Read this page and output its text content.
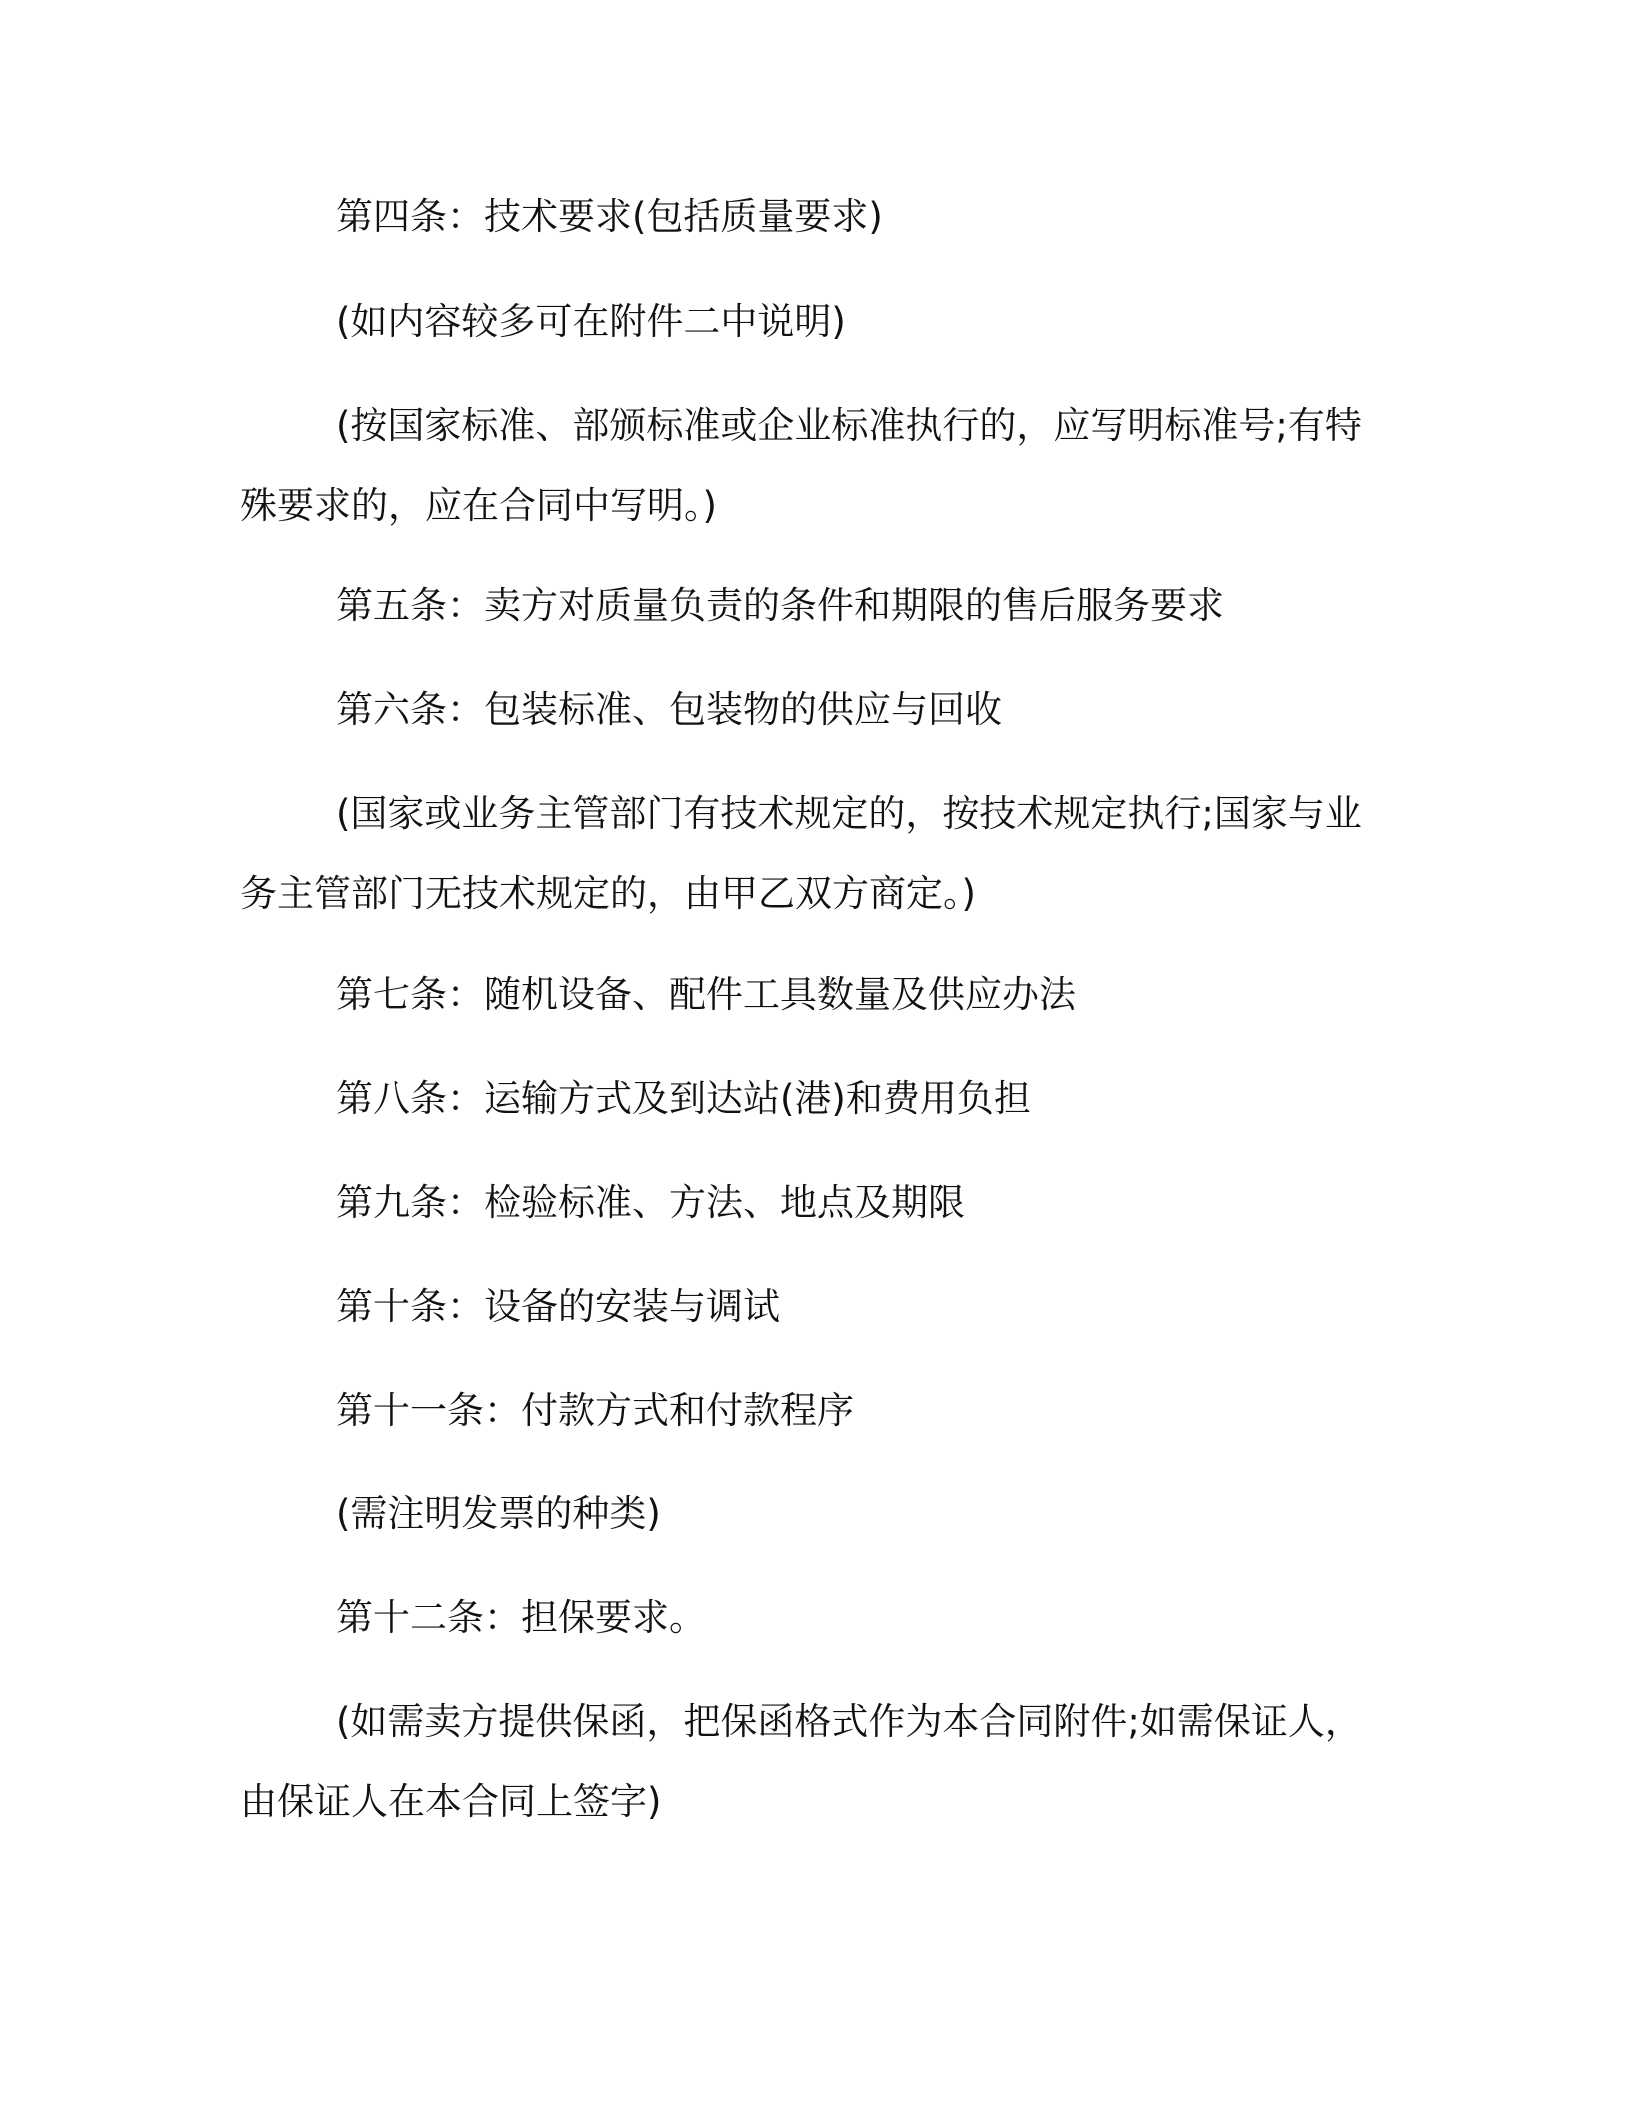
第四条：技术要求(包括质量要求)

(如内容较多可在附件二中说明)

(按国家标准、部颁标准或企业标准执行的，应写明标准号;有特殊要求的，应在合同中写明。)

第五条：卖方对质量负责的条件和期限的售后服务要求

第六条：包装标准、包装物的供应与回收

(国家或业务主管部门有技术规定的，按技术规定执行;国家与业务主管部门无技术规定的，由甲乙双方商定。)

第七条：随机设备、配件工具数量及供应办法

第八条：运输方式及到达站(港)和费用负担

第九条：检验标准、方法、地点及期限

第十条：设备的安装与调试

第十一条：付款方式和付款程序

(需注明发票的种类)

第十二条：担保要求。

(如需卖方提供保函，把保函格式作为本合同附件;如需保证人，由保证人在本合同上签字)
